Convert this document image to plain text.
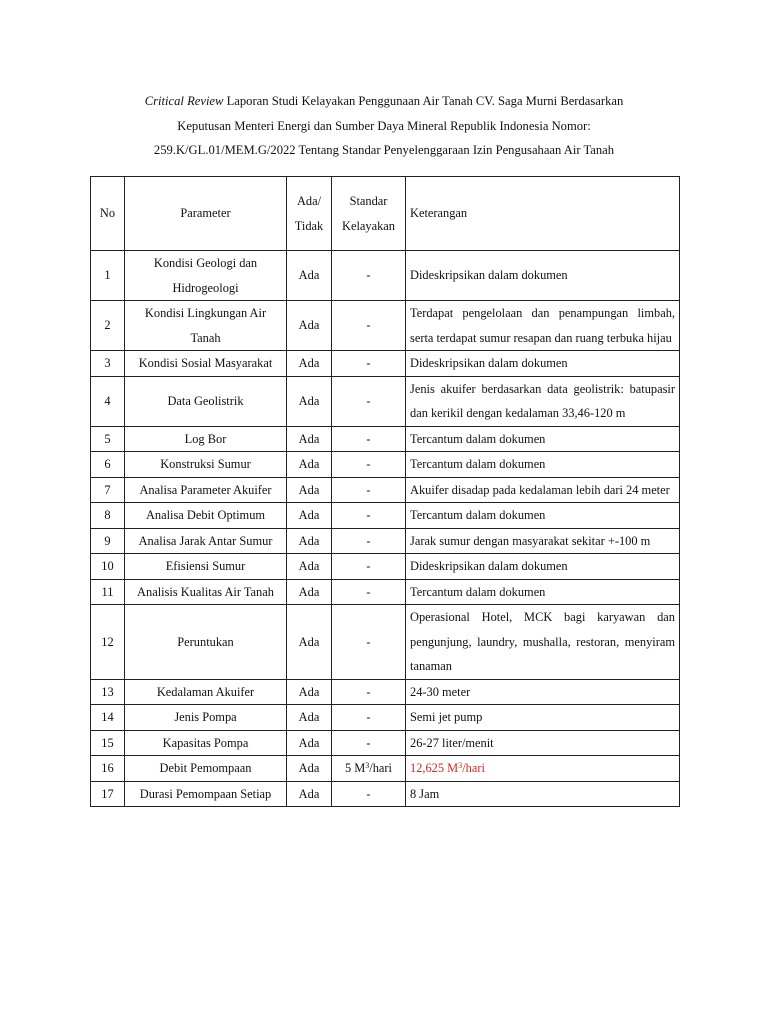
Critical Review Laporan Studi Kelayakan Penggunaan Air Tanah CV. Saga Murni Berdasarkan

Keputusan Menteri Energi dan Sumber Daya Mineral Republik Indonesia Nomor:

259.K/GL.01/MEM.G/2022 Tentang Standar Penyelenggaraan Izin Pengusahaan Air Tanah

No	Parameter	Ada/ Tidak	Standar Kelayakan	Keterangan
1	Kondisi Geologi dan Hidrogeologi	Ada	-	Dideskripsikan dalam dokumen
2	Kondisi Lingkungan Air Tanah	Ada	-	Terdapat pengelolaan dan penampungan limbah, serta terdapat sumur resapan dan ruang terbuka hijau
3	Kondisi Sosial Masyarakat	Ada	-	Dideskripsikan dalam dokumen
4	Data Geolistrik	Ada	-	Jenis akuifer berdasarkan data geolistrik: batupasir dan kerikil dengan kedalaman 33,46-120 m
5	Log Bor	Ada	-	Tercantum dalam dokumen
6	Konstruksi Sumur	Ada	-	Tercantum dalam dokumen
7	Analisa Parameter Akuifer	Ada	-	Akuifer disadap pada kedalaman lebih dari 24 meter
8	Analisa Debit Optimum	Ada	-	Tercantum dalam dokumen
9	Analisa Jarak Antar Sumur	Ada	-	Jarak sumur dengan masyarakat sekitar +-100 m
10	Efisiensi Sumur	Ada	-	Dideskripsikan dalam dokumen
11	Analisis Kualitas Air Tanah	Ada	-	Tercantum dalam dokumen
12	Peruntukan	Ada	-	Operasional Hotel, MCK bagi karyawan dan pengunjung, laundry, mushalla, restoran, menyiram tanaman
13	Kedalaman Akuifer	Ada	-	24-30 meter
14	Jenis Pompa	Ada	-	Semi jet pump
15	Kapasitas Pompa	Ada	-	26-27 liter/menit
16	Debit Pemompaan	Ada	5 $M^3$/hari	12,625 $M^3$/hari
17	Durasi Pemompaan Setiap	Ada	-	8 Jam
